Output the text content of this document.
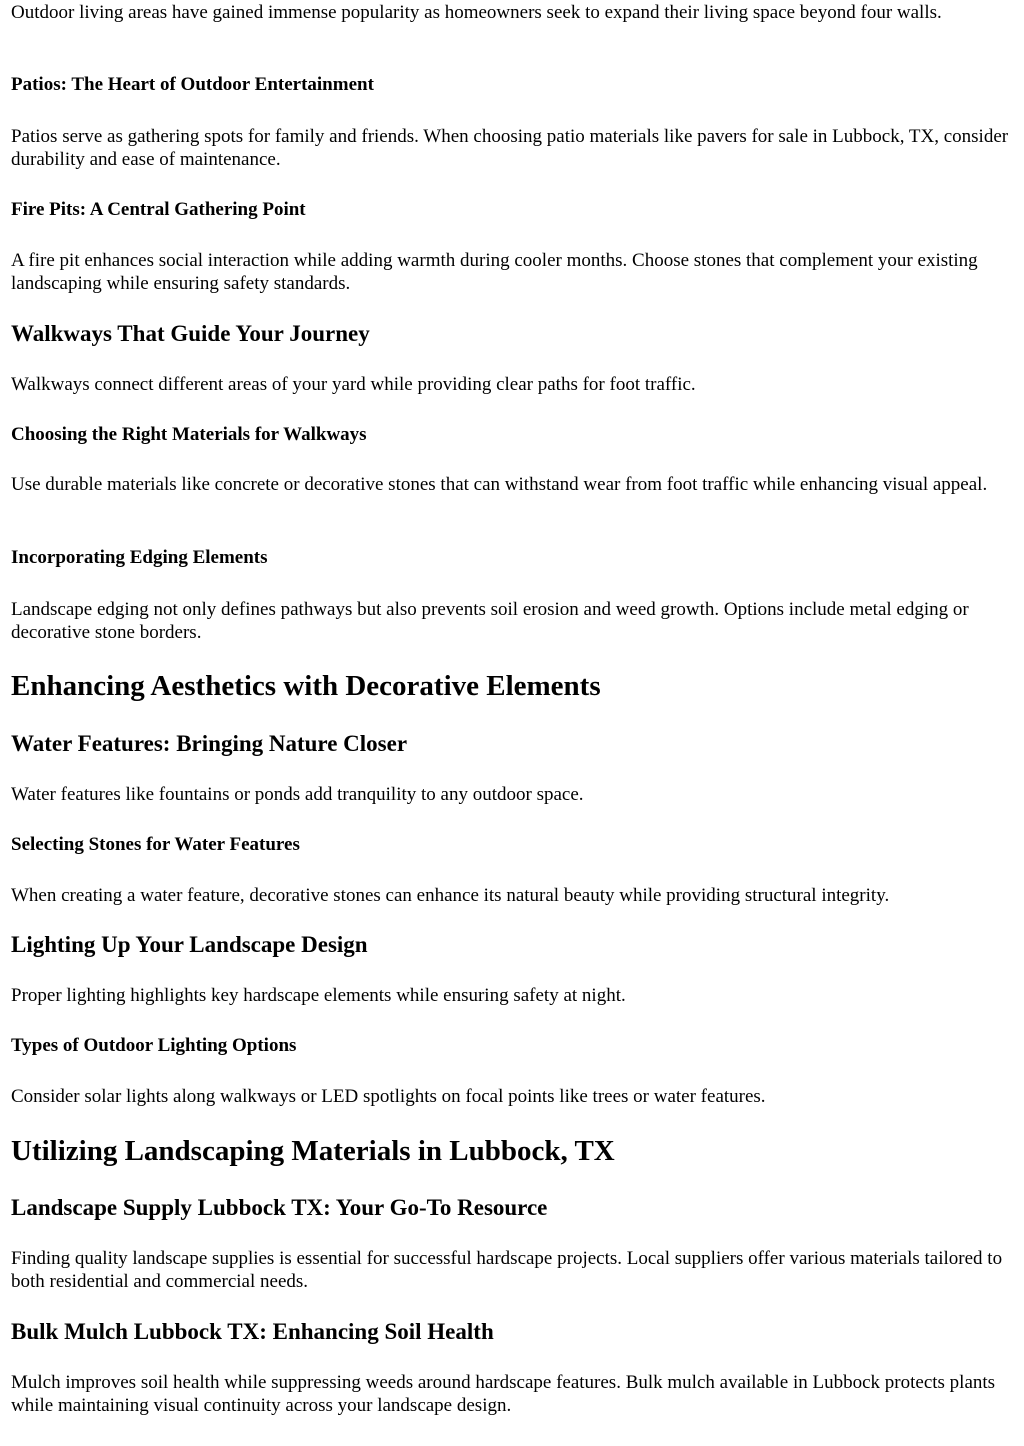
Outdoor living areas have gained immense popularity as homeowners seek to expand their living space beyond four walls.

Patios: The Heart of Outdoor Entertainment

Patios serve as gathering spots for family and friends. When choosing patio materials like pavers for sale in Lubbock, TX, consider durability and ease of maintenance.

Fire Pits: A Central Gathering Point

A fire pit enhances social interaction while adding warmth during cooler months. Choose stones that complement your existing landscaping while ensuring safety standards.

Walkways That Guide Your Journey

Walkways connect different areas of your yard while providing clear paths for foot traffic.

Choosing the Right Materials for Walkways

Use durable materials like concrete or decorative stones that can withstand wear from foot traffic while enhancing visual appeal.

Incorporating Edging Elements

Landscape edging not only defines pathways but also prevents soil erosion and weed growth. Options include metal edging or decorative stone borders.

Enhancing Aesthetics with Decorative Elements
Water Features: Bringing Nature Closer

Water features like fountains or ponds add tranquility to any outdoor space.

Selecting Stones for Water Features

When creating a water feature, decorative stones can enhance its natural beauty while providing structural integrity.

Lighting Up Your Landscape Design

Proper lighting highlights key hardscape elements while ensuring safety at night.

Types of Outdoor Lighting Options

Consider solar lights along walkways or LED spotlights on focal points like trees or water features.

Utilizing Landscaping Materials in Lubbock, TX
Landscape Supply Lubbock TX: Your Go-To Resource

Finding quality landscape supplies is essential for successful hardscape projects. Local suppliers offer various materials tailored to both residential and commercial needs.

Bulk Mulch Lubbock TX: Enhancing Soil Health

Mulch improves soil health while suppressing weeds around hardscape features. Bulk mulch available in Lubbock protects plants while maintaining visual continuity across your landscape design.
